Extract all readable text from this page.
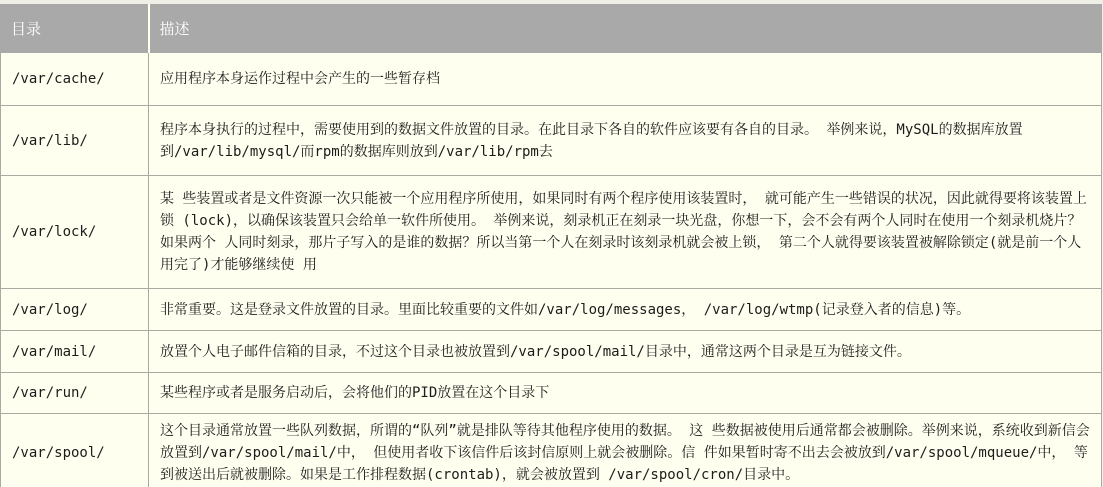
目录	描述
/var/cache/	应用程序本身运作过程中会产生的一些暂存档
/var/lib/	程序本身执行的过程中，需要使用到的数据文件放置的目录。在此目录下各自的软件应该要有各自的目录。 举例来说，MySQL的数据库放置到/var/lib/mysql/而rpm的数据库则放到/var/lib/rpm去
/var/lock/	某 些装置或者是文件资源一次只能被一个应用程序所使用，如果同时有两个程序使用该装置时， 就可能产生一些错误的状况，因此就得要将该装置上锁 (lock)，以确保该装置只会给单一软件所使用。 举例来说，刻录机正在刻录一块光盘，你想一下，会不会有两个人同时在使用一个刻录机烧片？ 如果两个 人同时刻录，那片子写入的是谁的数据？所以当第一个人在刻录时该刻录机就会被上锁， 第二个人就得要该装置被解除锁定(就是前一个人用完了)才能够继续使 用
/var/log/	非常重要。这是登录文件放置的目录。里面比较重要的文件如/var/log/messages， /var/log/wtmp(记录登入者的信息)等。
/var/mail/	放置个人电子邮件信箱的目录，不过这个目录也被放置到/var/spool/mail/目录中，通常这两个目录是互为链接文件。
/var/run/	某些程序或者是服务启动后，会将他们的PID放置在这个目录下
/var/spool/	这个目录通常放置一些队列数据，所谓的“队列”就是排队等待其他程序使用的数据。 这 些数据被使用后通常都会被删除。举例来说，系统收到新信会放置到/var/spool/mail/中， 但使用者收下该信件后该封信原则上就会被删除。信 件如果暂时寄不出去会被放到/var/spool/mqueue/中， 等到被送出后就被删除。如果是工作排程数据(crontab)，就会被放置到 /var/spool/cron/目录中。
